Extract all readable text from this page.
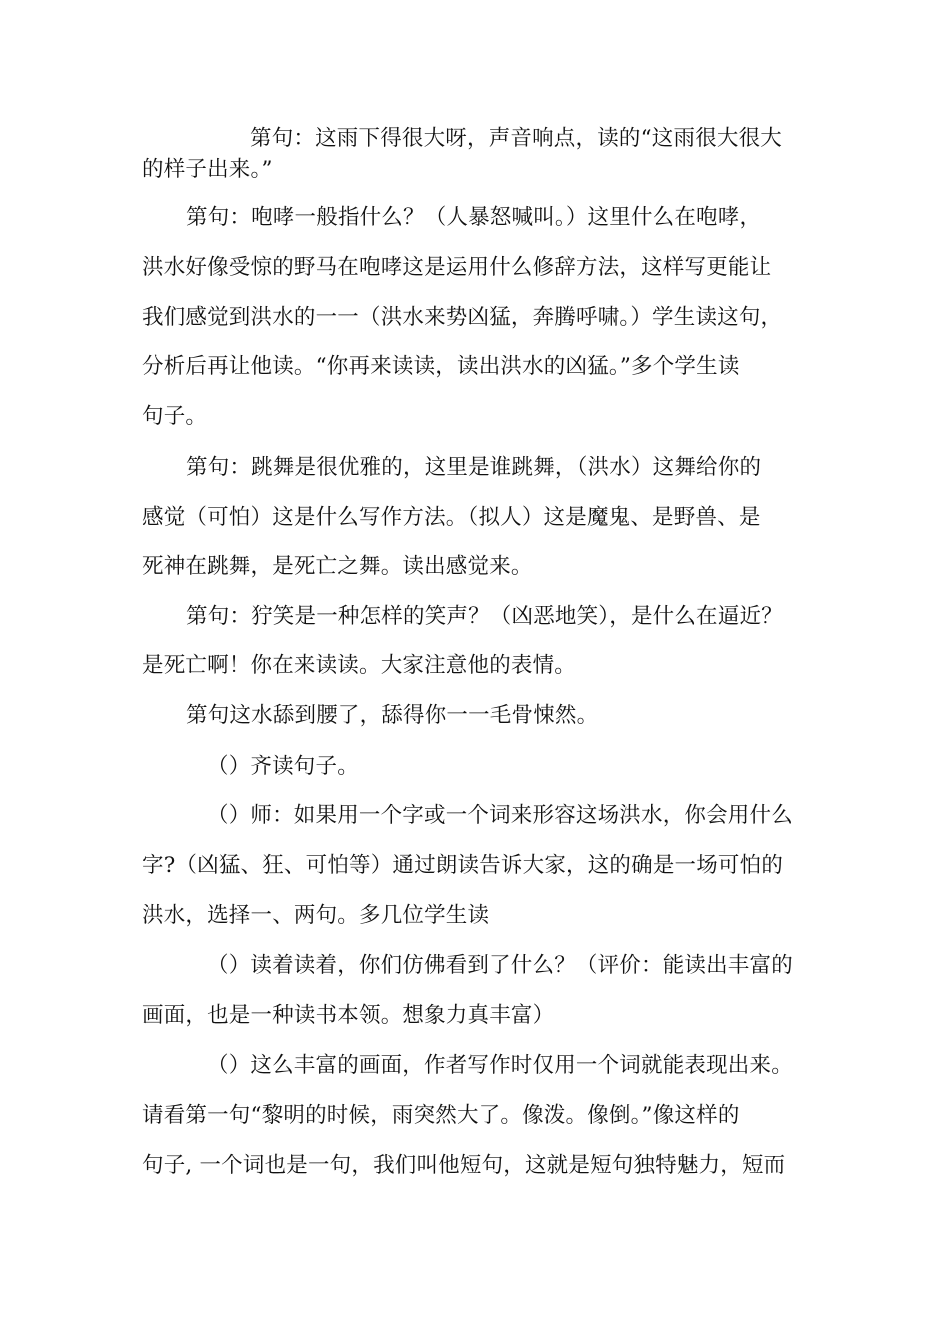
第句：这雨下得很大呀，声音响点，读的“这雨很大很大
的样子出来。”
第句：咆哮一般指什么？（人暴怒喊叫。）这里什么在咆哮，
洪水好像受惊的野马在咆哮这是运用什么修辞方法，这样写更能让
我们感觉到洪水的一一（洪水来势凶猛，奔腾呼啸。）学生读这句，
分析后再让他读。“你再来读读，读出洪水的凶猛。”多个学生读
句子。
第句：跳舞是很优雅的，这里是谁跳舞，（洪水）这舞给你的
感觉（可怕）这是什么写作方法。（拟人）这是魔鬼、是野兽、是
死神在跳舞，是死亡之舞。读出感觉来。
第句：狞笑是一种怎样的笑声？（凶恶地笑），是什么在逼近？
是死亡啊！你在来读读。大家注意他的表情。
第句这水舔到腰了，舔得你一一毛骨悚然。
（）齐读句子。
（）师：如果用一个字或一个词来形容这场洪水，你会用什么
字?（凶猛、狂、可怕等）通过朗读告诉大家，这的确是一场可怕的
洪水，选择一、两句。多几位学生读
（）读着读着，你们仿佛看到了什么？（评价：能读出丰富的
画面，也是一种读书本领。想象力真丰富）
（）这么丰富的画面，作者写作时仅用一个词就能表现出来。
请看第一句“黎明的时候，雨突然大了。像泼。像倒。”像这样的
句子, 一个词也是一句，我们叫他短句，这就是短句独特魅力，短而
